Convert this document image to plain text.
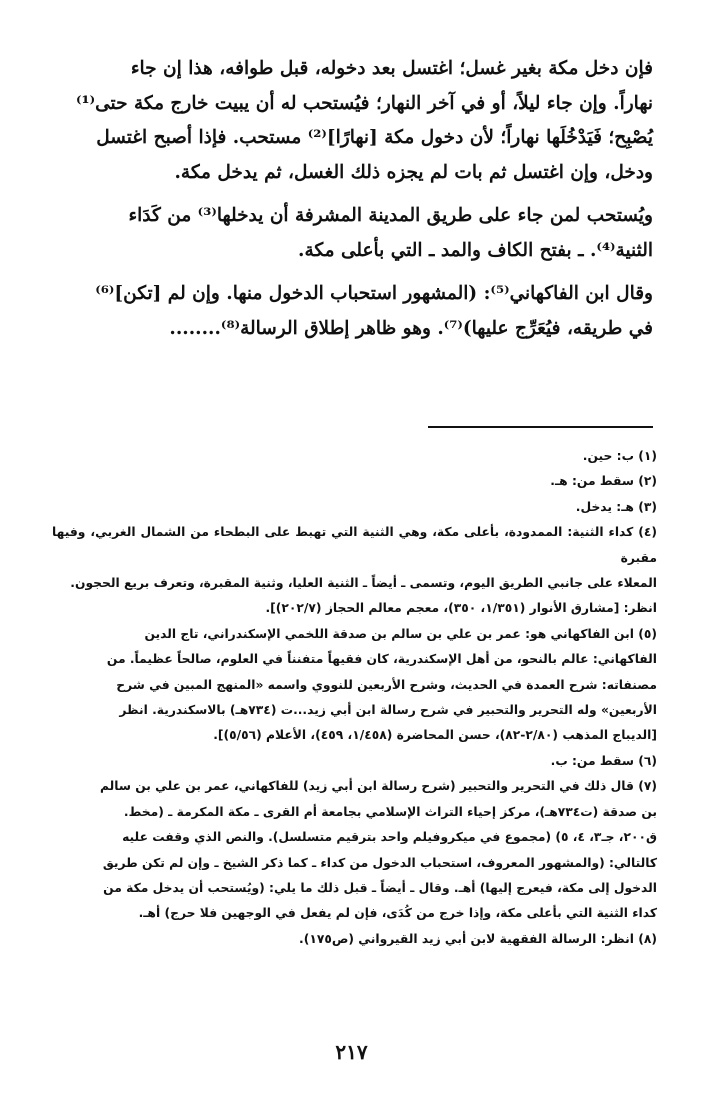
فإن دخل مكة بغير غسل؛ اغتسل بعد دخوله، قبل طوافه، هذا إن جاء
نهاراً. وإن جاء ليلاً، أو في آخر النهار؛ فيُستحب له أن يبيت خارج مكة حتى⁽¹⁾
يُصْبِح؛ فَيَدْخُلَها نهاراً؛ لأن دخول مكة [نهارًا]⁽²⁾ مستحب. فإذا أصبح اغتسل
ودخل، وإن اغتسل ثم بات لم يجزه ذلك الغسل، ثم يدخل مكة.

ويُستحب لمن جاء على طريق المدينة المشرفة أن يدخلها⁽³⁾ من كَدَاء
الثنية⁽⁴⁾. ـ بفتح الكاف والمد ـ التي بأعلى مكة.

وقال ابن الفاكهاني⁽⁵⁾: (المشهور استحباب الدخول منها. وإن لم [تكن]⁽⁶⁾
في طريقه، فيُعَرِّج عليها)⁽⁷⁾. وهو ظاهر إطلاق الرسالة⁽⁸⁾........

(١) ب: حين.

(٢) سقط من: هـ.

(٣) هـ: يدخل.

(٤) كداء الثنية: الممدودة، بأعلى مكة، وهي الثنية التي تهبط على البطحاء من الشمال الغربي، وفيها مقبرة

المعلاء على جانبي الطريق اليوم، وتسمى ـ أيضاً ـ الثنية العليا، وثنية المقبرة، وتعرف بريع الحجون.

انظر: [مشارق الأنوار (١/٣٥١، ٣٥٠)، معجم معالم الحجاز (٢٠٢/٧)].

(٥) ابن الفاكهاني هو: عمر بن علي بن سالم بن صدقة اللخمي الإسكندراني، تاج الدين

الفاكهاني: عالم بالنحو، من أهل الإسكندرية، كان فقيهاً متفنناً في العلوم، صالحاً عظيماً. من

مصنفاته: شرح العمدة في الحديث، وشرح الأربعين للنووي واسمه «المنهج المبين في شرح

الأربعين» وله التحرير والتحبير في شرح رسالة ابن أبي زيد...ت (٧٣٤هـ) بالاسكندرية. انظر

[الديباج المذهب (٢/٨٠-٨٢)، حسن المحاضرة (١/٤٥٨، ٤٥٩)، الأعلام (٥/٥٦)].

(٦) سقط من: ب.

(٧) قال ذلك في التحرير والتحبير (شرح رسالة ابن أبي زيد) للفاكهاني، عمر بن علي بن سالم

بن صدقة (ت٧٣٤هـ)، مركز إحياء التراث الإسلامي بجامعة أم القرى ـ مكة المكرمة ـ (مخط.

ق٢٠٠، جـ٣، ٤، ٥) (مجموع في ميكروفيلم واحد بترقيم متسلسل). والنص الذي وقفت عليه

كالتالي: (والمشهور المعروف، استحباب الدخول من كداء ـ كما ذكر الشيخ ـ وإن لم تكن طريق

الدخول إلى مكة، فيعرج إليها) أهـ. وقال ـ أيضاً ـ قبل ذلك ما يلي: (ويُستحب أن يدخل مكة من

كداء الثنية التي بأعلى مكة، وإذا خرج من كُدَى، فإن لم يفعل في الوجهين فلا حرج) أهـ.

(٨) انظر: الرسالة الفقهية لابن أبي زيد القيرواني (ص١٧٥).

٢١٧
